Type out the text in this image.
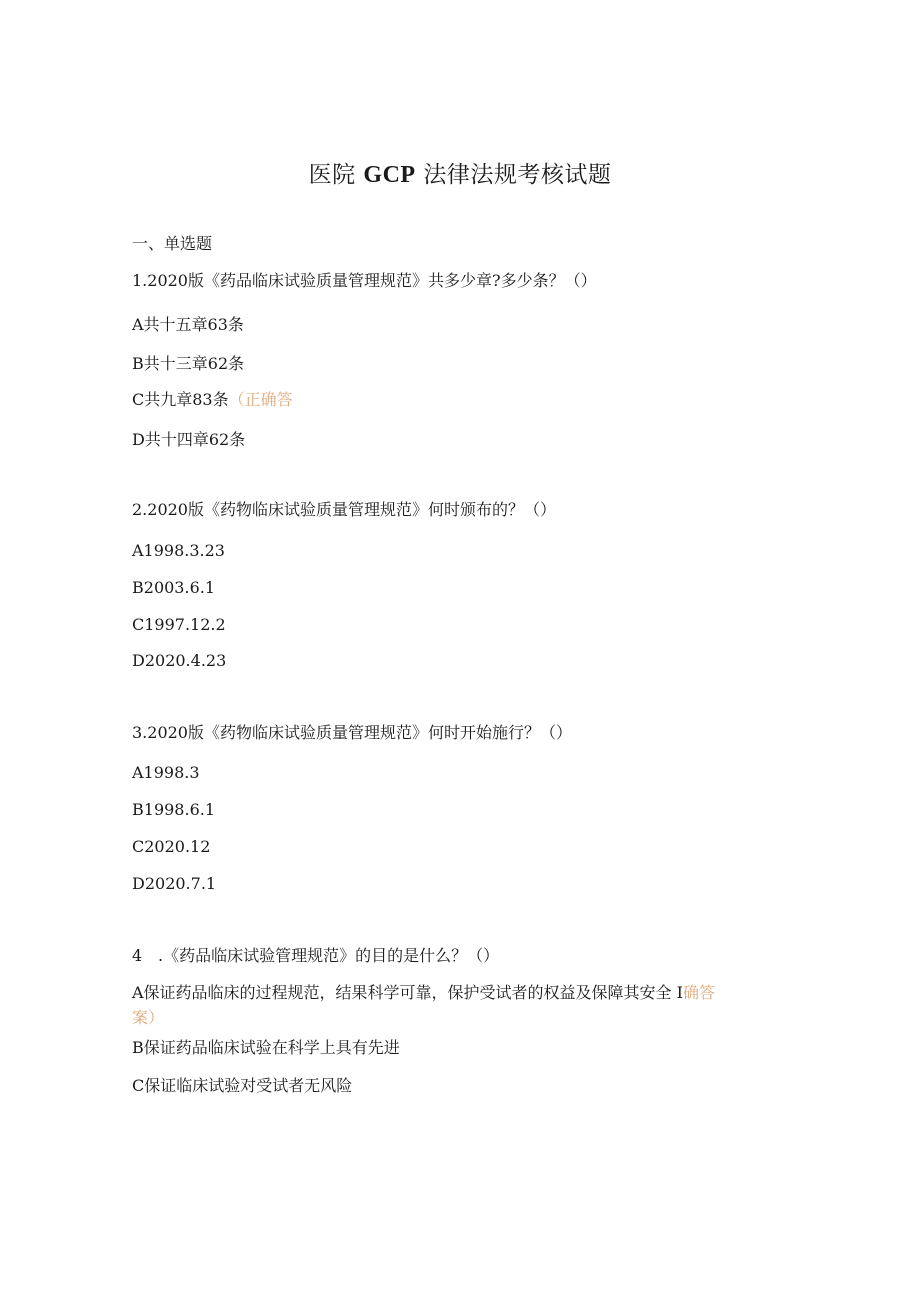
医院 GCP 法律法规考核试题
一、单选题
1.2020版《药品临床试验质量管理规范》共多少章?多少条？（）
A共十五章63条
B共十三章62条
C共九章83条（正确答
D共十四章62条
2.2020版《药物临床试验质量管理规范》何时颁布的？（）
A1998.3.23
B2003.6.1
C1997.12.2
D2020.4.23
3.2020版《药物临床试验质量管理规范》何时开始施行？（）
A1998.3
B1998.6.1
C2020.12
D2020.7.1
4 .《药品临床试验管理规范》的目的是什么？（）
A保证药品临床的过程规范，结果科学可靠，保护受试者的权益及保障其安全 I确答
案）
B保证药品临床试验在科学上具有先进
C保证临床试验对受试者无风险
